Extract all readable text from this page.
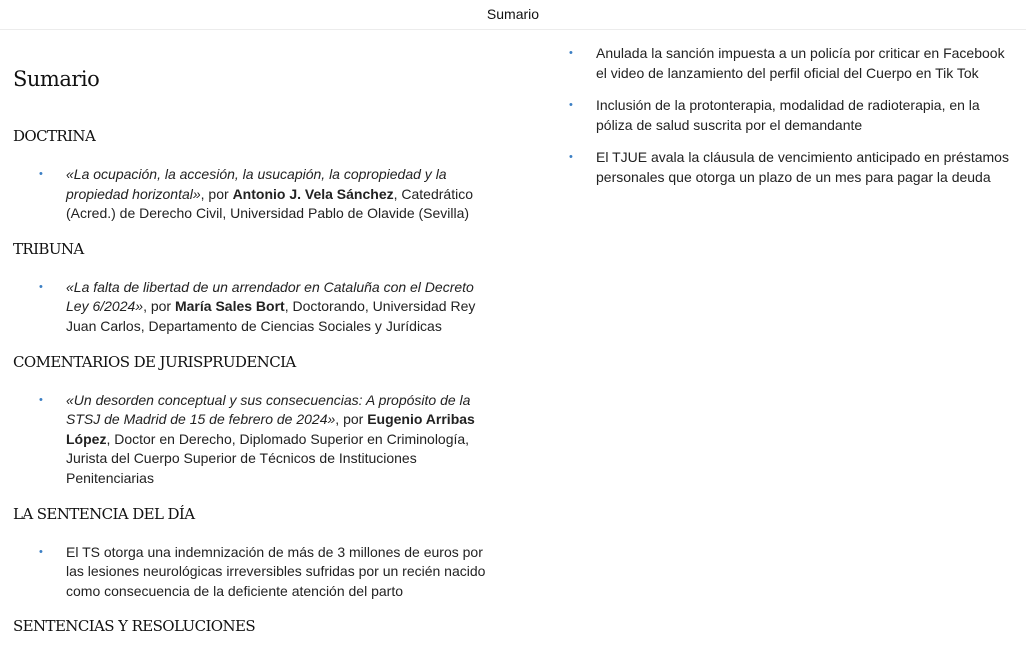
Sumario
Sumario
DOCTRINA
• «La ocupación, la accesión, la usucapión, la copropiedad y la propiedad horizontal», por Antonio J. Vela Sánchez, Catedrático (Acred.) de Derecho Civil, Universidad Pablo de Olavide (Sevilla)
TRIBUNA
• «La falta de libertad de un arrendador en Cataluña con el Decreto Ley 6/2024», por María Sales Bort, Doctorando, Universidad Rey Juan Carlos, Departamento de Ciencias Sociales y Jurídicas
COMENTARIOS DE JURISPRUDENCIA
• «Un desorden conceptual y sus consecuencias: A propósito de la STSJ de Madrid de 15 de febrero de 2024», por Eugenio Arribas López, Doctor en Derecho, Diplomado Superior en Criminología, Jurista del Cuerpo Superior de Técnicos de Instituciones Penitenciarias
LA SENTENCIA DEL DÍA
• El TS otorga una indemnización de más de 3 millones de euros por las lesiones neurológicas irreversibles sufridas por un recién nacido como consecuencia de la deficiente atención del parto
SENTENCIAS Y RESOLUCIONES
• Anulada la sanción impuesta a un policía por criticar en Facebook el video de lanzamiento del perfil oficial del Cuerpo en Tik Tok
• Inclusión de la protonterapia, modalidad de radioterapia, en la póliza de salud suscrita por el demandante
• El TJUE avala la cláusula de vencimiento anticipado en préstamos personales que otorga un plazo de un mes para pagar la deuda
